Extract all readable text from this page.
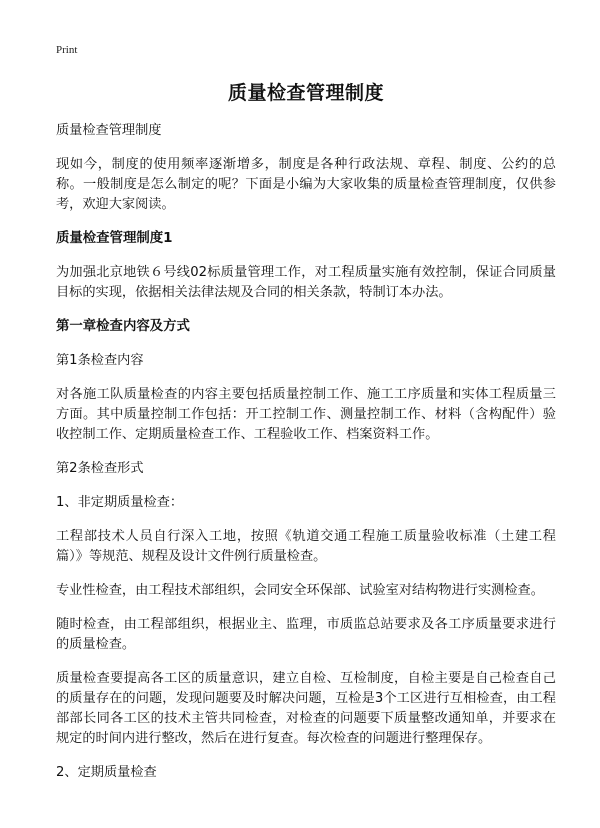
Print
质量检查管理制度
质量检查管理制度
现如今，制度的使用频率逐渐增多，制度是各种行政法规、章程、制度、公约的总称。一般制度是怎么制定的呢？下面是小编为大家收集的质量检查管理制度，仅供参考，欢迎大家阅读。
质量检查管理制度1
为加强北京地铁６号线02标质量管理工作，对工程质量实施有效控制，保证合同质量目标的实现，依据相关法律法规及合同的相关条款，特制订本办法。
第一章检查内容及方式
第1条检查内容
对各施工队质量检查的内容主要包括质量控制工作、施工工序质量和实体工程质量三方面。其中质量控制工作包括：开工控制工作、测量控制工作、材料（含构配件）验收控制工作、定期质量检查工作、工程验收工作、档案资料工作。
第2条检查形式
1、非定期质量检查：
工程部技术人员自行深入工地，按照《轨道交通工程施工质量验收标准（土建工程篇）》等规范、规程及设计文件例行质量检查。
专业性检查，由工程技术部组织，会同安全环保部、试验室对结构物进行实测检查。
随时检查，由工程部组织，根据业主、监理，市质监总站要求及各工序质量要求进行的质量检查。
质量检查要提高各工区的质量意识，建立自检、互检制度，自检主要是自己检查自己的质量存在的问题，发现问题要及时解决问题，互检是3个工区进行互相检查，由工程部部长同各工区的技术主管共同检查，对检查的问题要下质量整改通知单，并要求在规定的时间内进行整改，然后在进行复查。每次检查的问题进行整理保存。
2、定期质量检查
